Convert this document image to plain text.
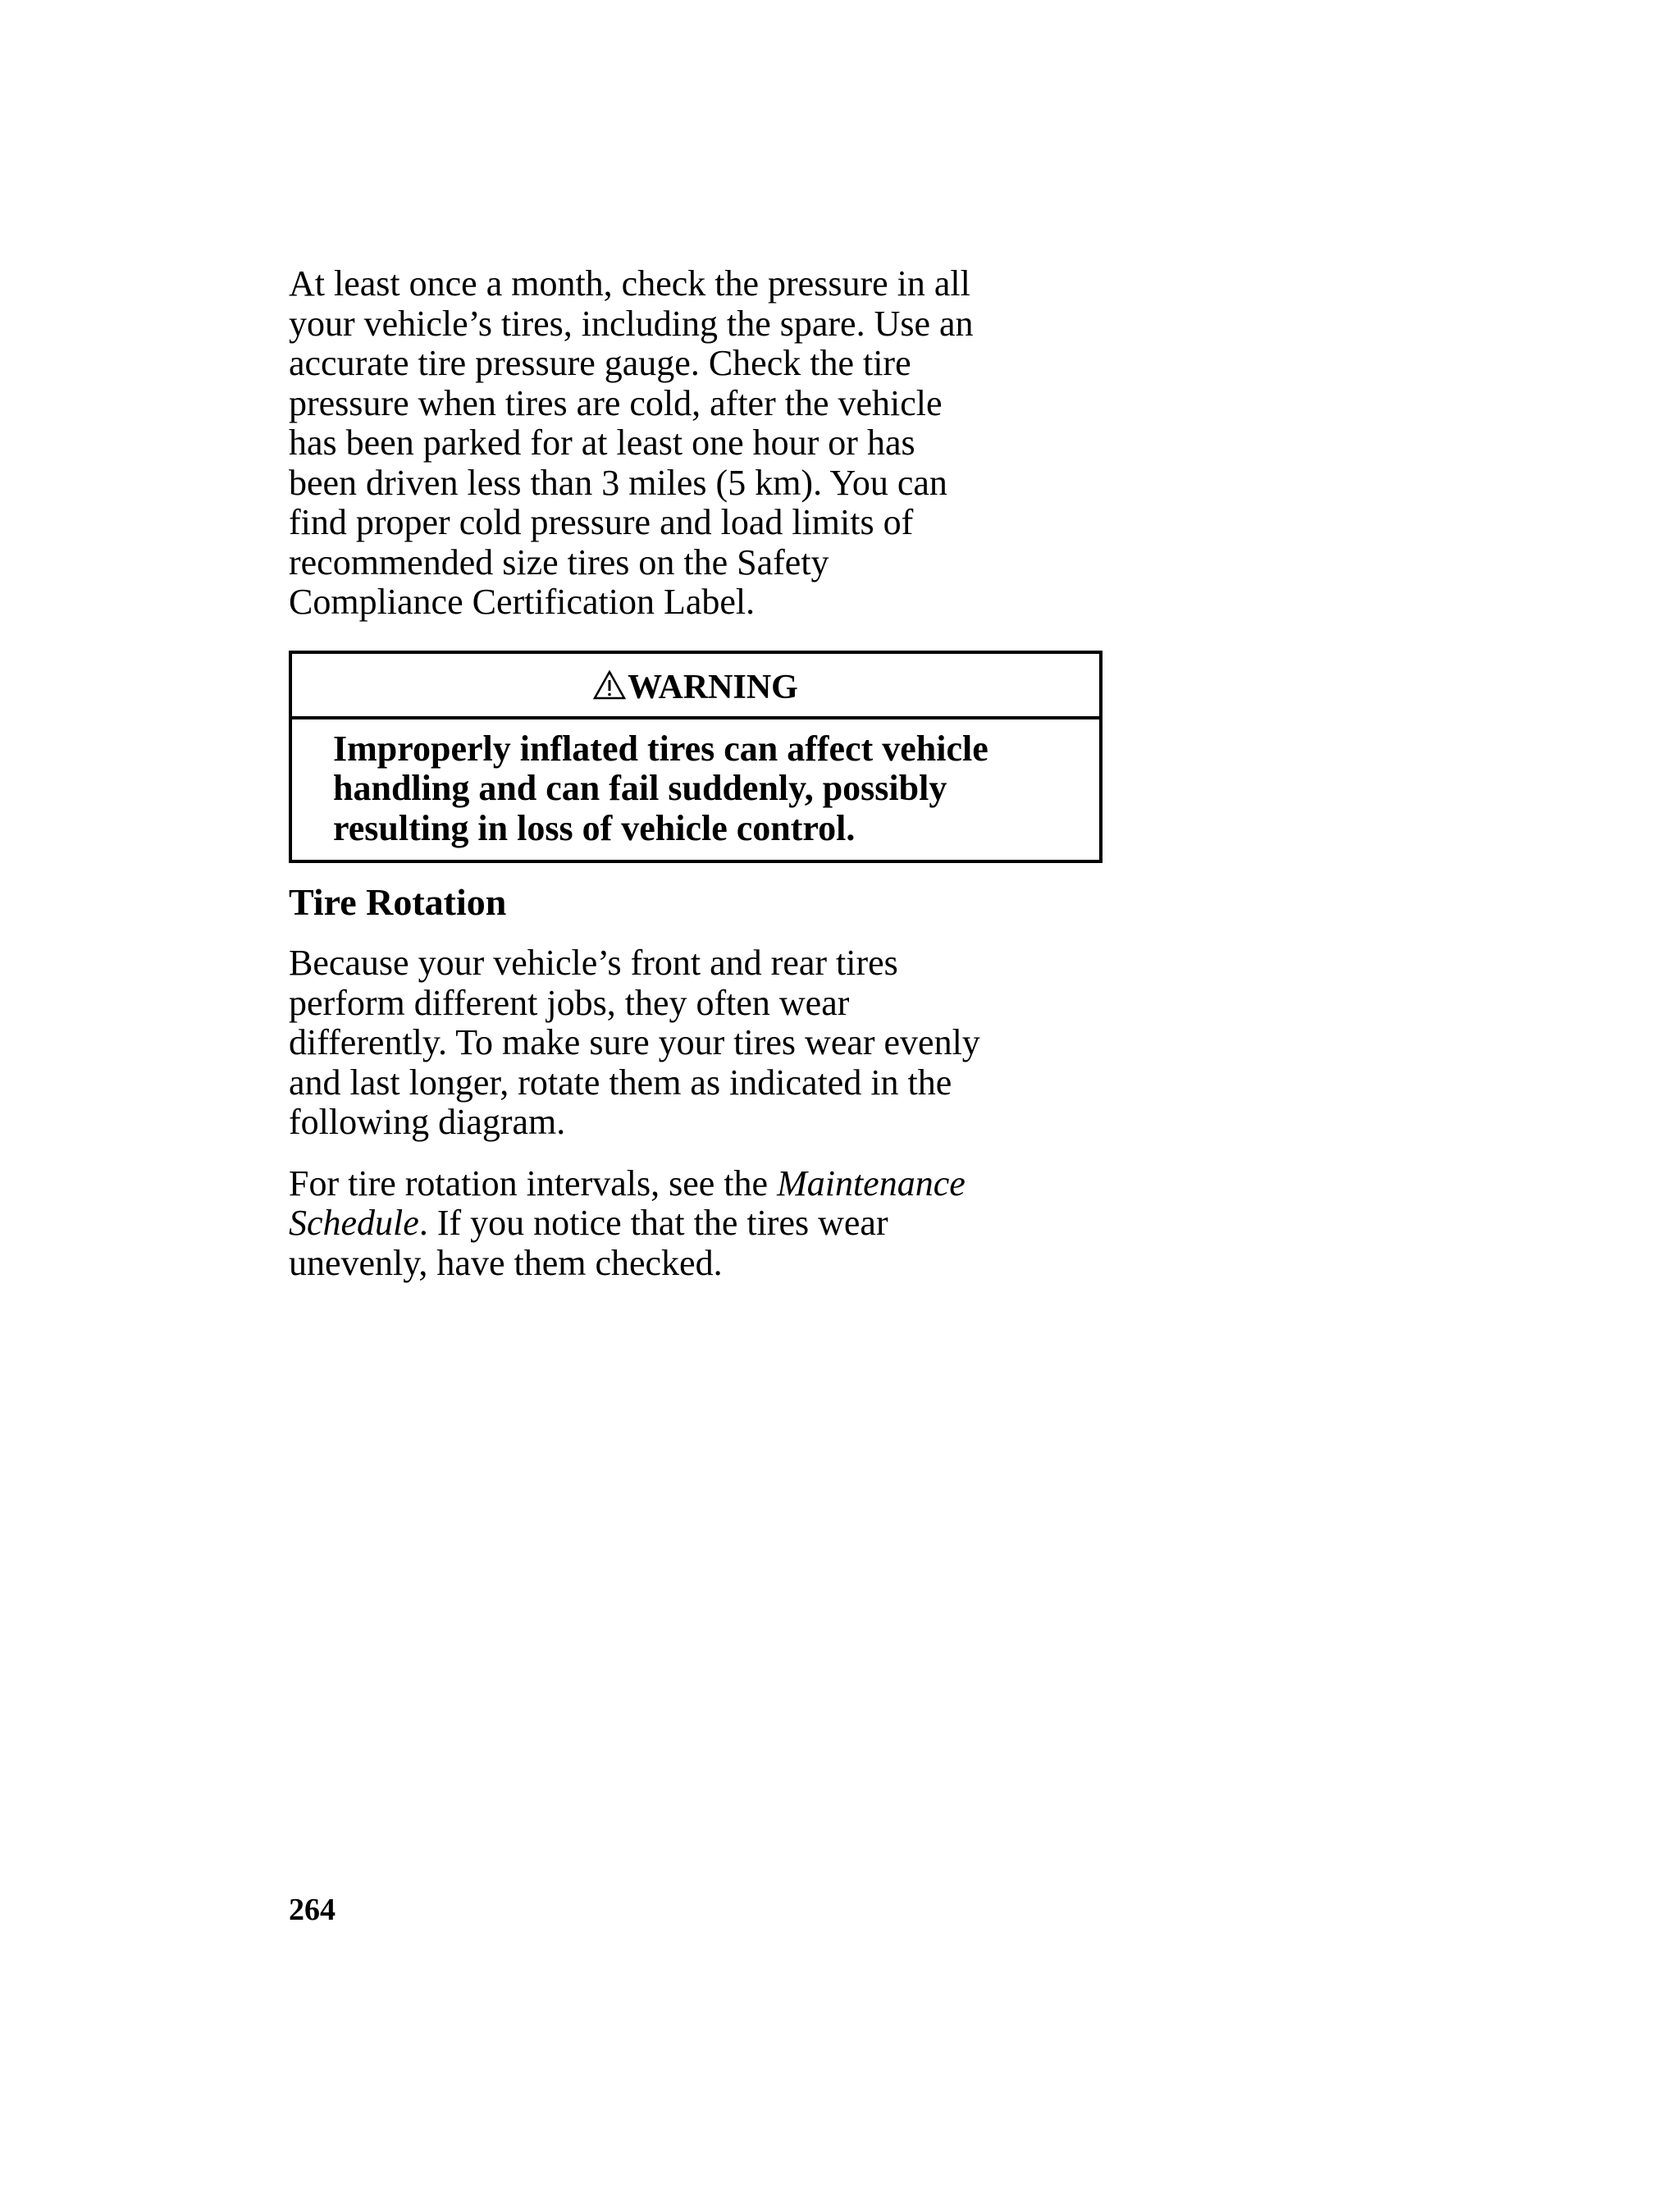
At least once a month, check the pressure in all
your vehicle’s tires, including the spare. Use an
accurate tire pressure gauge. Check the tire
pressure when tires are cold, after the vehicle
has been parked for at least one hour or has
been driven less than 3 miles (5 km). You can
find proper cold pressure and load limits of
recommended size tires on the Safety
Compliance Certification Label.

WARNING
Improperly inflated tires can affect vehicle
handling and can fail suddenly, possibly
resulting in loss of vehicle control.
Tire Rotation

Because your vehicle’s front and rear tires
perform different jobs, they often wear
differently. To make sure your tires wear evenly
and last longer, rotate them as indicated in the
following diagram.

For tire rotation intervals, see the Maintenance
Schedule. If you notice that the tires wear
unevenly, have them checked.

264
